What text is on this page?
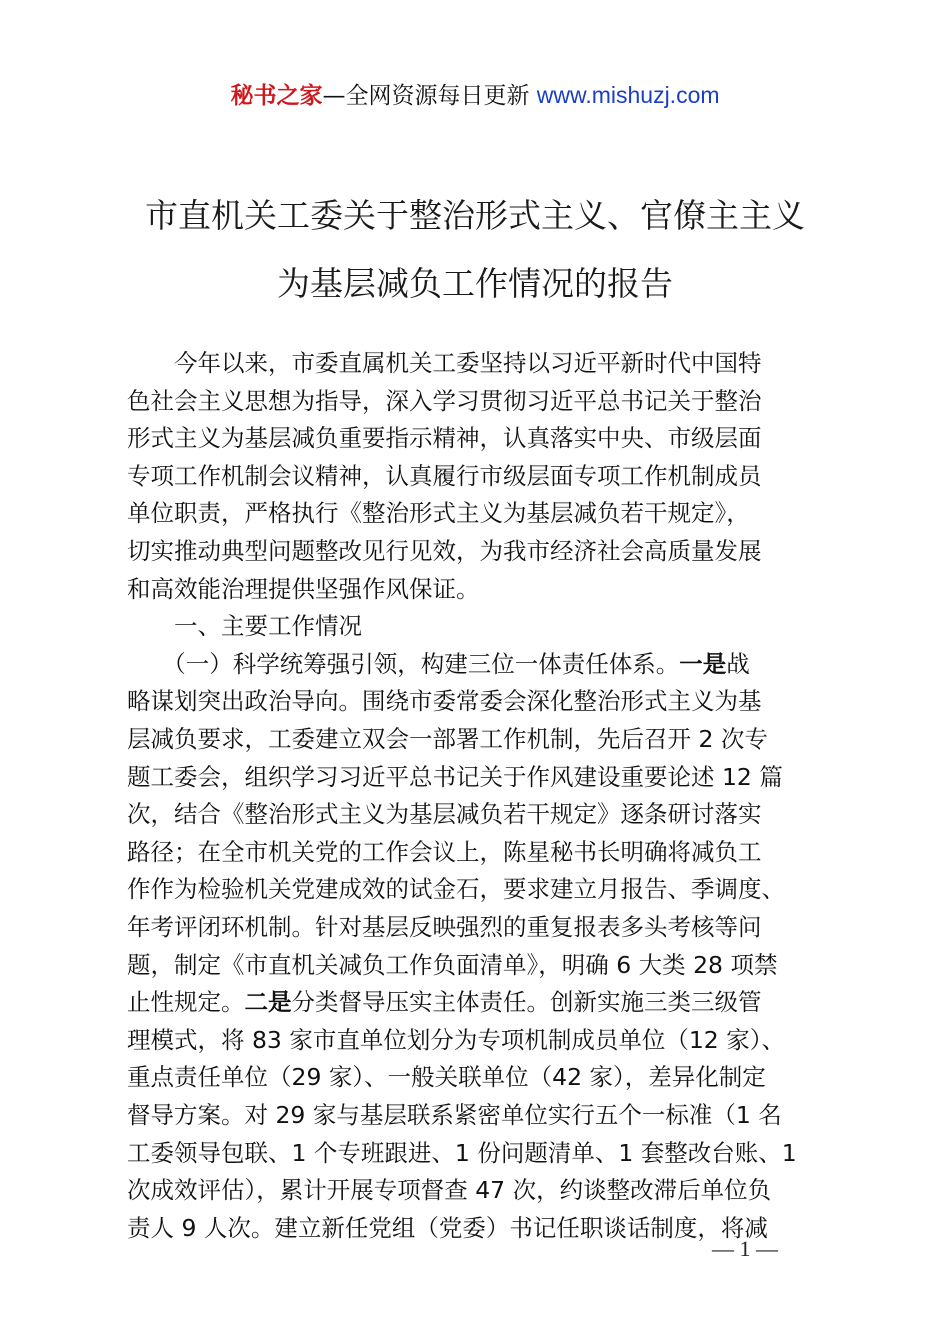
秘书之家—全网资源每日更新 www.mishuzj.com
市直机关工委关于整治形式主义、官僚主主义
为基层减负工作情况的报告
　　今年以来，市委直属机关工委坚持以习近平新时代中国特
色社会主义思想为指导，深入学习贯彻习近平总书记关于整治
形式主义为基层减负重要指示精神，认真落实中央、市级层面
专项工作机制会议精神，认真履行市级层面专项工作机制成员
单位职责，严格执行《整治形式主义为基层减负若干规定》，
切实推动典型问题整改见行见效，为我市经济社会高质量发展
和高效能治理提供坚强作风保证。
　　一、主要工作情况
　　（一）科学统筹强引领，构建三位一体责任体系。一是战
略谋划突出政治导向。围绕市委常委会深化整治形式主义为基
层减负要求，工委建立双会一部署工作机制，先后召开 2 次专
题工委会，组织学习习近平总书记关于作风建设重要论述 12 篇
次，结合《整治形式主义为基层减负若干规定》逐条研讨落实
路径；在全市机关党的工作会议上，陈星秘书长明确将减负工
作作为检验机关党建成效的试金石，要求建立月报告、季调度、
年考评闭环机制。针对基层反映强烈的重复报表多头考核等问
题，制定《市直机关减负工作负面清单》，明确 6 大类 28 项禁
止性规定。二是分类督导压实主体责任。创新实施三类三级管
理模式，将 83 家市直单位划分为专项机制成员单位（12 家）、
重点责任单位（29 家）、一般关联单位（42 家），差异化制定
督导方案。对 29 家与基层联系紧密单位实行五个一标准（1 名
工委领导包联、1 个专班跟进、1 份问题清单、1 套整改台账、1
次成效评估），累计开展专项督查 47 次，约谈整改滞后单位负
责人 9 人次。建立新任党组（党委）书记任职谈话制度，将减
— 1 —
